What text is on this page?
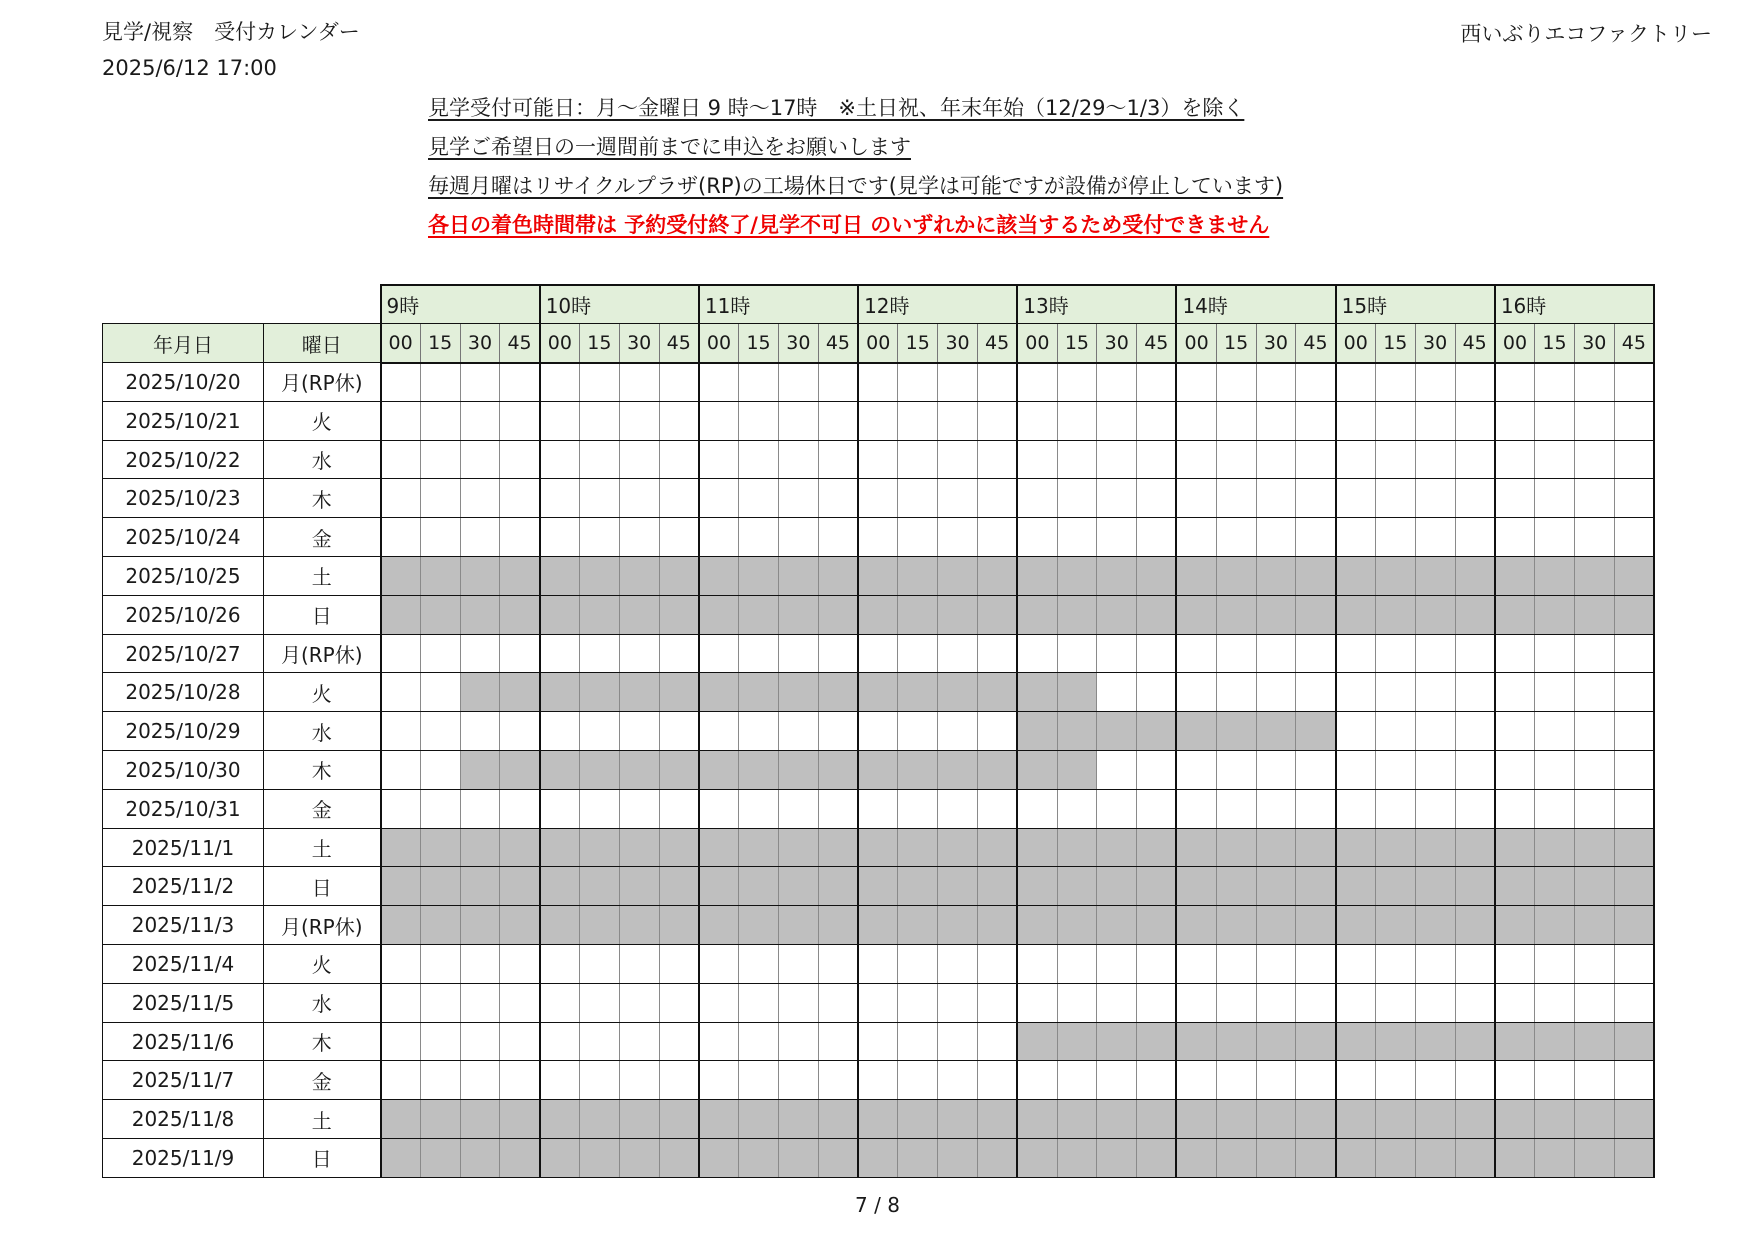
見学/視察　受付カレンダー
2025/6/12 17:00
西いぶりエコファクトリー
見学受付可能日：月～金曜日 9 時～17時　※土日祝、年末年始（12/29～1/3）を除く
見学ご希望日の一週間前までに申込をお願いします
毎週月曜はリサイクルプラザ(RP)の工場休日です(見学は可能ですが設備が停止しています)
各日の着色時間帯は 予約受付終了/見学不可日 のいずれかに該当するため受付できません
		9時				10時				11時				12時				13時				14時				15時				16時			
年月日	曜日	00	15	30	45	00	15	30	45	00	15	30	45	00	15	30	45	00	15	30	45	00	15	30	45	00	15	30	45	00	15	30	45
2025/10/20	月(RP休)																																
2025/10/21	火																																
2025/10/22	水																																
2025/10/23	木																																
2025/10/24	金																																
2025/10/25	土																																
2025/10/26	日																																
2025/10/27	月(RP休)																																
2025/10/28	火																																
2025/10/29	水																																
2025/10/30	木																																
2025/10/31	金																																
2025/11/1	土																																
2025/11/2	日																																
2025/11/3	月(RP休)																																
2025/11/4	火																																
2025/11/5	水																																
2025/11/6	木																																
2025/11/7	金																																
2025/11/8	土																																
2025/11/9	日																																
7 / 8
